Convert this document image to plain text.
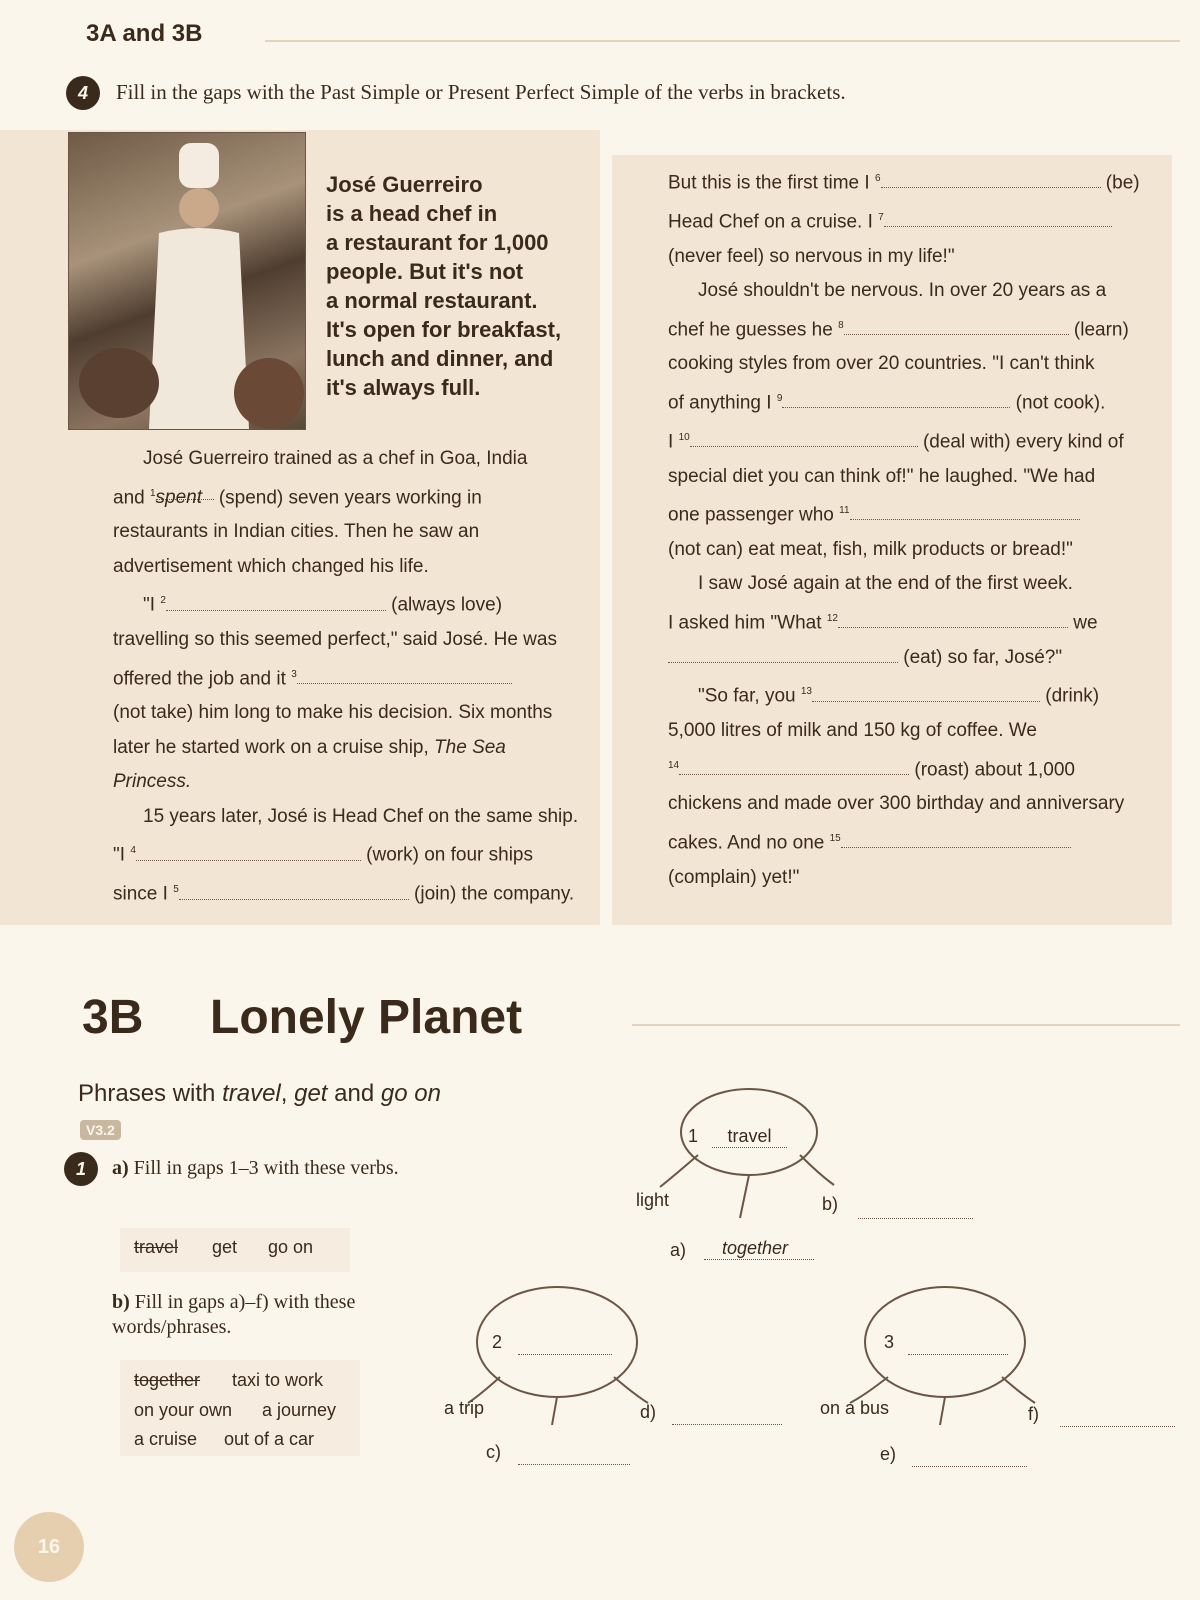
3A and 3B
4	Fill in the gaps with the Past Simple or Present Perfect Simple of the verbs in brackets.
José Guerreiro
is a head chef in
a restaurant for 1,000
people. But it's not
a normal restaurant.
It's open for breakfast,
lunch and dinner, and
it's always full.

José Guerreiro trained as a chef in Goa, India

and $^1$spent (spend) seven years working in

restaurants in Indian cities. Then he saw an

advertisement which changed his life.

"I $^2$	(always love)

travelling so this seemed perfect," said José. He was

offered the job and it $^3$

(not take) him long to make his decision. Six months

later he started work on a cruise ship, The Sea

Princess.

15 years later, José is Head Chef on the same ship.

"I $^4$	(work) on four ships

since I $^5$	(join) the company.

But this is the first time I $^6$	(be)

Head Chef on a cruise. I $^7$

(never feel) so nervous in my life!"

José shouldn't be nervous. In over 20 years as a

chef he guesses he $^8$	(learn)

cooking styles from over 20 countries. "I can't think

of anything I $^9$	(not cook).

I $^{10}$	(deal with) every kind of

special diet you can think of!" he laughed. "We had

one passenger who $^{11}$

(not can) eat meat, fish, milk products or bread!"

I saw José again at the end of the first week.

I asked him "What $^{12}$	we

(eat) so far, José?"

"So far, you $^{13}$	(drink)

5,000 litres of milk and 150 kg of coffee. We

$^{14}$	(roast) about 1,000

chickens and made over 300 birthday and anniversary

cakes. And no one $^{15}$

(complain) yet!"

3B Lonely Planet
Phrases with travel, get and go on
V3.2
1	a) Fill in gaps 1–3 with these verbs.
travel get go on
b) Fill in gaps a)–f) with these words/phrases.
together taxi to work
on your own a journey
a cruise out of a car
1	travel
light	b)
a)	together
2
a trip	d)
c)
3
on a bus	f)
e)
16
